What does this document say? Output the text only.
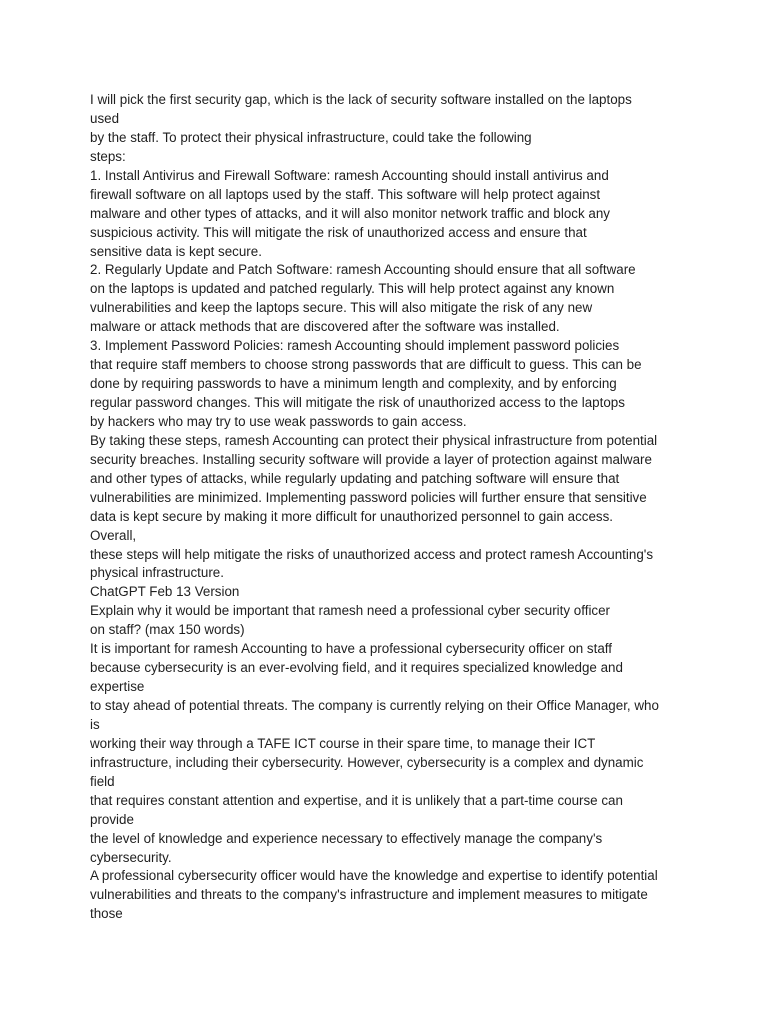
I will pick the first security gap, which is the lack of security software installed on the laptops
used
by the staff. To protect their physical infrastructure, could take the following
steps:
1. Install Antivirus and Firewall Software: ramesh Accounting should install antivirus and
firewall software on all laptops used by the staff. This software will help protect against
malware and other types of attacks, and it will also monitor network traffic and block any
suspicious activity. This will mitigate the risk of unauthorized access and ensure that
sensitive data is kept secure.
2. Regularly Update and Patch Software: ramesh Accounting should ensure that all software
on the laptops is updated and patched regularly. This will help protect against any known
vulnerabilities and keep the laptops secure. This will also mitigate the risk of any new
malware or attack methods that are discovered after the software was installed.
3. Implement Password Policies: ramesh Accounting should implement password policies
that require staff members to choose strong passwords that are difficult to guess. This can be
done by requiring passwords to have a minimum length and complexity, and by enforcing
regular password changes. This will mitigate the risk of unauthorized access to the laptops
by hackers who may try to use weak passwords to gain access.
By taking these steps, ramesh Accounting can protect their physical infrastructure from potential
security breaches. Installing security software will provide a layer of protection against malware
and other types of attacks, while regularly updating and patching software will ensure that
vulnerabilities are minimized. Implementing password policies will further ensure that sensitive
data is kept secure by making it more difficult for unauthorized personnel to gain access.
Overall,
these steps will help mitigate the risks of unauthorized access and protect ramesh Accounting's
physical infrastructure.
ChatGPT Feb 13 Version
Explain why it would be important that ramesh need a professional cyber security officer
on staff? (max 150 words)
It is important for ramesh Accounting to have a professional cybersecurity officer on staff
because cybersecurity is an ever-evolving field, and it requires specialized knowledge and
expertise
to stay ahead of potential threats. The company is currently relying on their Office Manager, who
is
working their way through a TAFE ICT course in their spare time, to manage their ICT
infrastructure, including their cybersecurity. However, cybersecurity is a complex and dynamic
field
that requires constant attention and expertise, and it is unlikely that a part-time course can
provide
the level of knowledge and experience necessary to effectively manage the company's
cybersecurity.
A professional cybersecurity officer would have the knowledge and expertise to identify potential
vulnerabilities and threats to the company's infrastructure and implement measures to mitigate
those
